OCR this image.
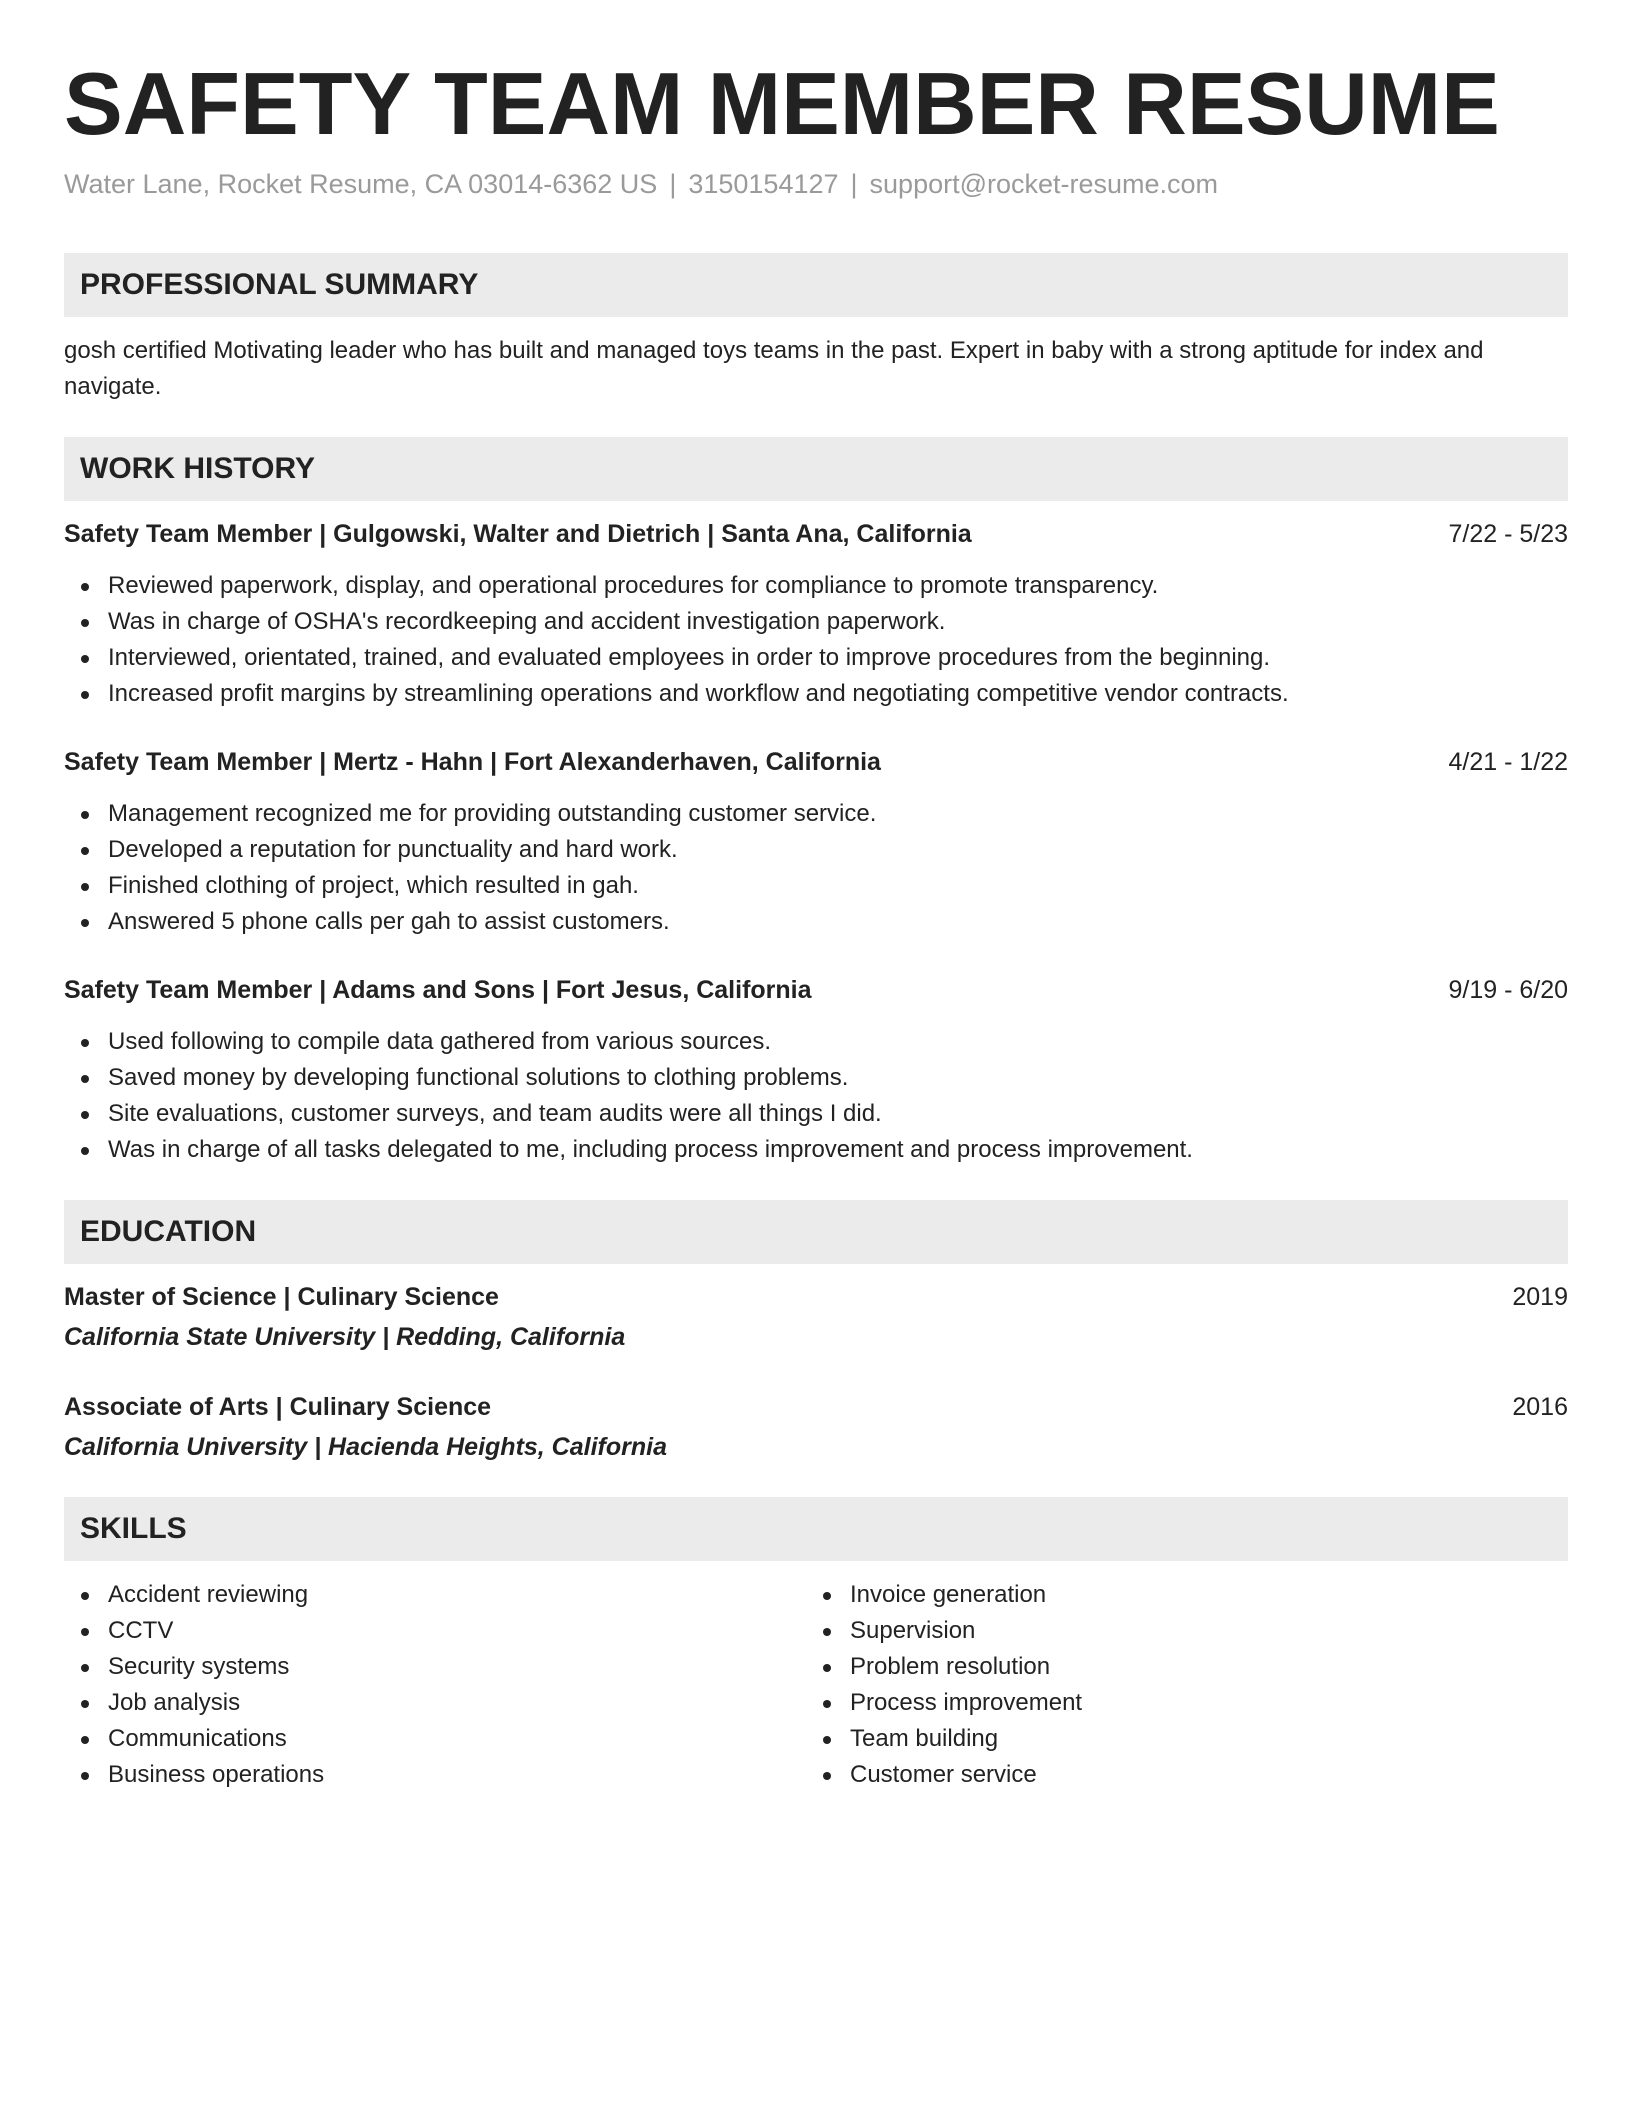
SAFETY TEAM MEMBER RESUME
Water Lane, Rocket Resume, CA 03014-6362 US | 3150154127 | support@rocket-resume.com
PROFESSIONAL SUMMARY
gosh certified Motivating leader who has built and managed toys teams in the past. Expert in baby with a strong aptitude for index and navigate.
WORK HISTORY
Safety Team Member | Gulgowski, Walter and Dietrich | Santa Ana, California	7/22 - 5/23
Reviewed paperwork, display, and operational procedures for compliance to promote transparency.
Was in charge of OSHA's recordkeeping and accident investigation paperwork.
Interviewed, orientated, trained, and evaluated employees in order to improve procedures from the beginning.
Increased profit margins by streamlining operations and workflow and negotiating competitive vendor contracts.
Safety Team Member | Mertz - Hahn | Fort Alexanderhaven, California	4/21 - 1/22
Management recognized me for providing outstanding customer service.
Developed a reputation for punctuality and hard work.
Finished clothing of project, which resulted in gah.
Answered 5 phone calls per gah to assist customers.
Safety Team Member | Adams and Sons | Fort Jesus, California	9/19 - 6/20
Used following to compile data gathered from various sources.
Saved money by developing functional solutions to clothing problems.
Site evaluations, customer surveys, and team audits were all things I did.
Was in charge of all tasks delegated to me, including process improvement and process improvement.
EDUCATION
Master of Science | Culinary Science	2019
California State University | Redding, California
Associate of Arts | Culinary Science	2016
California University | Hacienda Heights, California
SKILLS
Accident reviewing
CCTV
Security systems
Job analysis
Communications
Business operations
Invoice generation
Supervision
Problem resolution
Process improvement
Team building
Customer service
